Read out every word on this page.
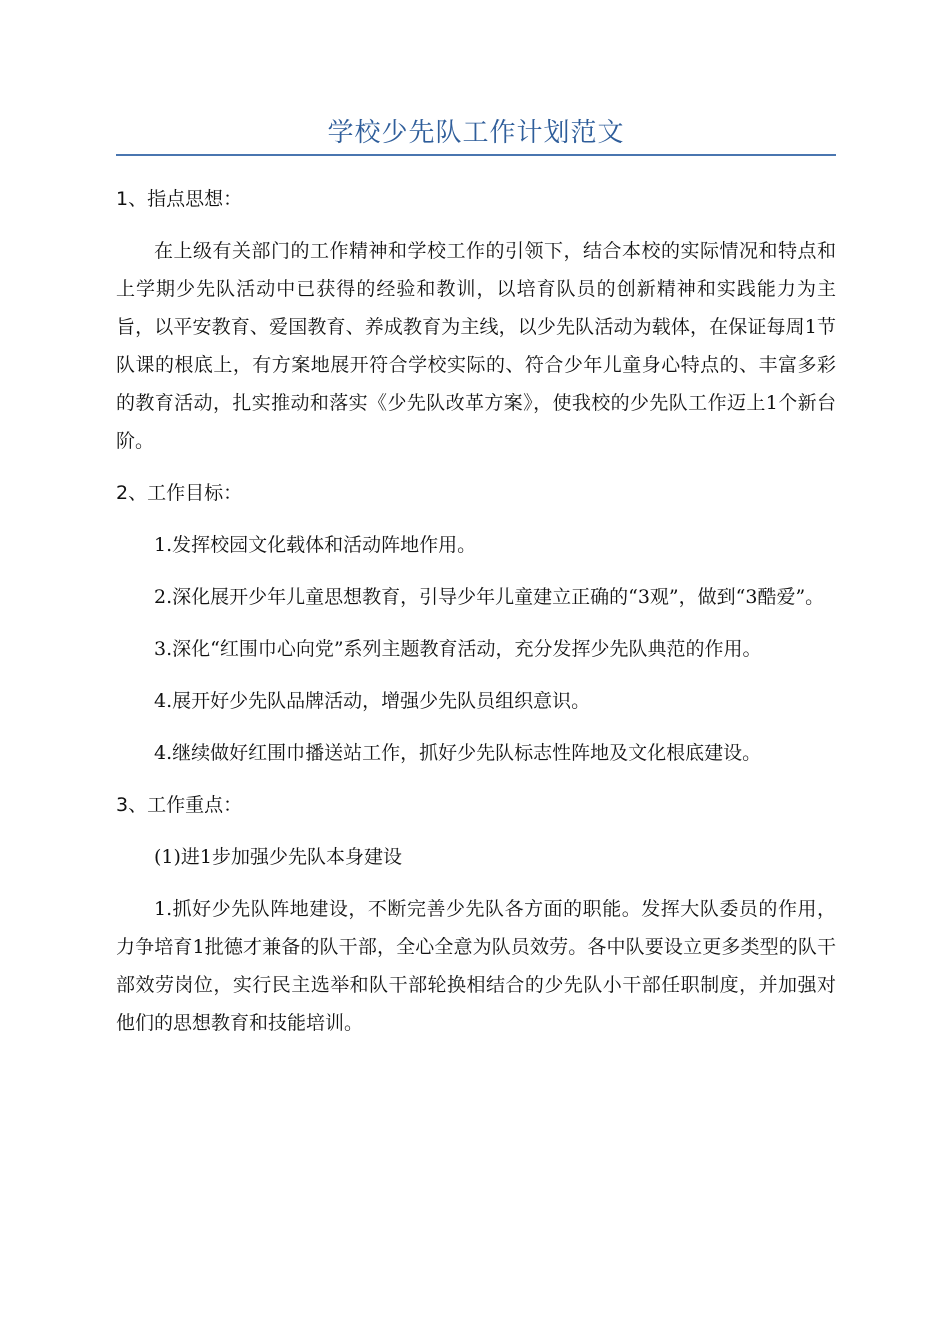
学校少先队工作计划范文
1、指点思想：

在上级有关部门的工作精神和学校工作的引领下，结合本校的实际情况和特点和上学期少先队活动中已获得的经验和教训，以培育队员的创新精神和实践能力为主旨，以平安教育、爱国教育、养成教育为主线，以少先队活动为载体，在保证每周1节队课的根底上，有方案地展开符合学校实际的、符合少年儿童身心特点的、丰富多彩的教育活动，扎实推动和落实《少先队改革方案》，使我校的少先队工作迈上1个新台阶。

2、工作目标：

1.发挥校园文化载体和活动阵地作用。

2.深化展开少年儿童思想教育，引导少年儿童建立正确的“3观”，做到“3酷爱”。

3.深化“红围巾心向党”系列主题教育活动，充分发挥少先队典范的作用。

4.展开好少先队品牌活动，增强少先队员组织意识。

4.继续做好红围巾播送站工作，抓好少先队标志性阵地及文化根底建设。

3、工作重点：

(1)进1步加强少先队本身建设

1.抓好少先队阵地建设，不断完善少先队各方面的职能。发挥大队委员的作用，力争培育1批德才兼备的队干部，全心全意为队员效劳。各中队要设立更多类型的队干部效劳岗位，实行民主选举和队干部轮换相结合的少先队小干部任职制度，并加强对他们的思想教育和技能培训。
